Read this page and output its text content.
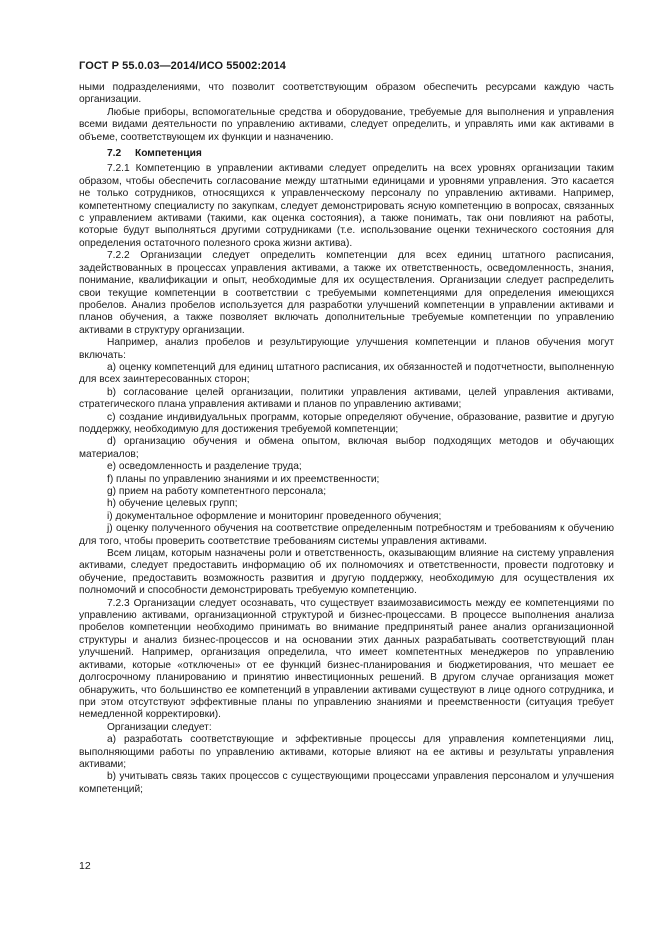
ГОСТ Р 55.0.03—2014/ИСО 55002:2014

ными подразделениями, что позволит соответствующим образом обеспечить ресурсами каждую часть организации.

Любые приборы, вспомогательные средства и оборудование, требуемые для выполнения и управления всеми видами деятельности по управлению активами, следует определить, и управлять ими как активами в объеме, соответствующем их функции и назначению.

7.2 Компетенция

7.2.1 Компетенцию в управлении активами следует определить на всех уровнях организации таким образом, чтобы обеспечить согласование между штатными единицами и уровнями управления. Это касается не только сотрудников, относящихся к управленческому персоналу по управлению активами. Например, компетентному специалисту по закупкам, следует демонстрировать ясную компетенцию в вопросах, связанных с управлением активами (такими, как оценка состояния), а также понимать, так они повлияют на работы, которые будут выполняться другими сотрудниками (т.е. использование оценки технического состояния для определения остаточного полезного срока жизни актива).

7.2.2 Организации следует определить компетенции для всех единиц штатного расписания, задействованных в процессах управления активами, а также их ответственность, осведомленность, знания, понимание, квалификации и опыт, необходимые для их осуществления. Организации следует распределить свои текущие компетенции в соответствии с требуемыми компетенциями для определения имеющихся пробелов. Анализ пробелов используется для разработки улучшений компетенции в управлении активами и планов обучения, а также позволяет включать дополнительные требуемые компетенции по управлению активами в структуру организации.

Например, анализ пробелов и результирующие улучшения компетенции и планов обучения могут включать:

a) оценку компетенций для единиц штатного расписания, их обязанностей и подотчетности, выполненную для всех заинтересованных сторон;

b) согласование целей организации, политики управления активами, целей управления активами, стратегического плана управления активами и планов по управлению активами;

c) создание индивидуальных программ, которые определяют обучение, образование, развитие и другую поддержку, необходимую для достижения требуемой компетенции;

d) организацию обучения и обмена опытом, включая выбор подходящих методов и обучающих материалов;

e) осведомленность и разделение труда;

f) планы по управлению знаниями и их преемственности;

g) прием на работу компетентного персонала;

h) обучение целевых групп;

i) документальное оформление и мониторинг проведенного обучения;

j) оценку полученного обучения на соответствие определенным потребностям и требованиям к обучению для того, чтобы проверить соответствие требованиям системы управления активами.

Всем лицам, которым назначены роли и ответственность, оказывающим влияние на систему управления активами, следует предоставить информацию об их полномочиях и ответственности, провести подготовку и обучение, предоставить возможность развития и другую поддержку, необходимую для осуществления их полномочий и способности демонстрировать требуемую компетенцию.

7.2.3 Организации следует осознавать, что существует взаимозависимость между ее компетенциями по управлению активами, организационной структурой и бизнес-процессами. В процессе выполнения анализа пробелов компетенции необходимо принимать во внимание предпринятый ранее анализ организационной структуры и анализ бизнес-процессов и на основании этих данных разрабатывать соответствующий план улучшений. Например, организация определила, что имеет компетентных менеджеров по управлению активами, которые «отключены» от ее функций бизнес-планирования и бюджетирования, что мешает ее долгосрочному планированию и принятию инвестиционных решений. В другом случае организация может обнаружить, что большинство ее компетенций в управлении активами существуют в лице одного сотрудника, и при этом отсутствуют эффективные планы по управлению знаниями и преемственности (ситуация требует немедленной корректировки).

Организации следует:

a) разработать соответствующие и эффективные процессы для управления компетенциями лиц, выполняющими работы по управлению активами, которые влияют на ее активы и результаты управления активами;

b) учитывать связь таких процессов с существующими процессами управления персоналом и улучшения компетенций;

12
